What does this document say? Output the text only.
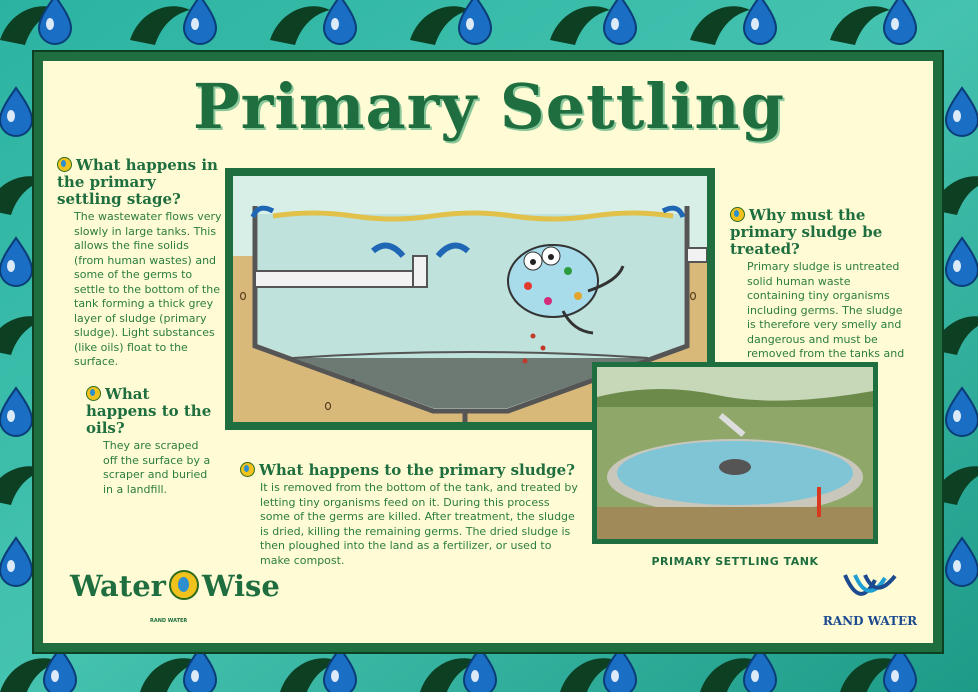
Primary Settling
What happens in the primary settling stage?
The wastewater flows very slowly in large tanks. This allows the fine solids (from human wastes) and some of the germs to settle to the bottom of the tank forming a thick grey layer of sludge (primary sludge). Light substances (like oils) float to the surface.
What happens to the oils?
They are scraped off the surface by a scraper and buried in a landfill.
Why must the primary sludge be treated?
Primary sludge is untreated solid human waste containing tiny organisms including germs. The sludge is therefore very smelly and dangerous and must be removed from the tanks and
What happens to the primary sludge?
It is removed from the bottom of the tank, and treated by letting tiny organisms feed on it. During this process some of the germs are killed. After treatment, the sludge is dried, killing the remaining germs. The dried sludge is then ploughed into the land as a fertilizer, or used to make compost.	PRIMARY SETTLING TANK
Water Wise
RAND WATER	RAND WATER
